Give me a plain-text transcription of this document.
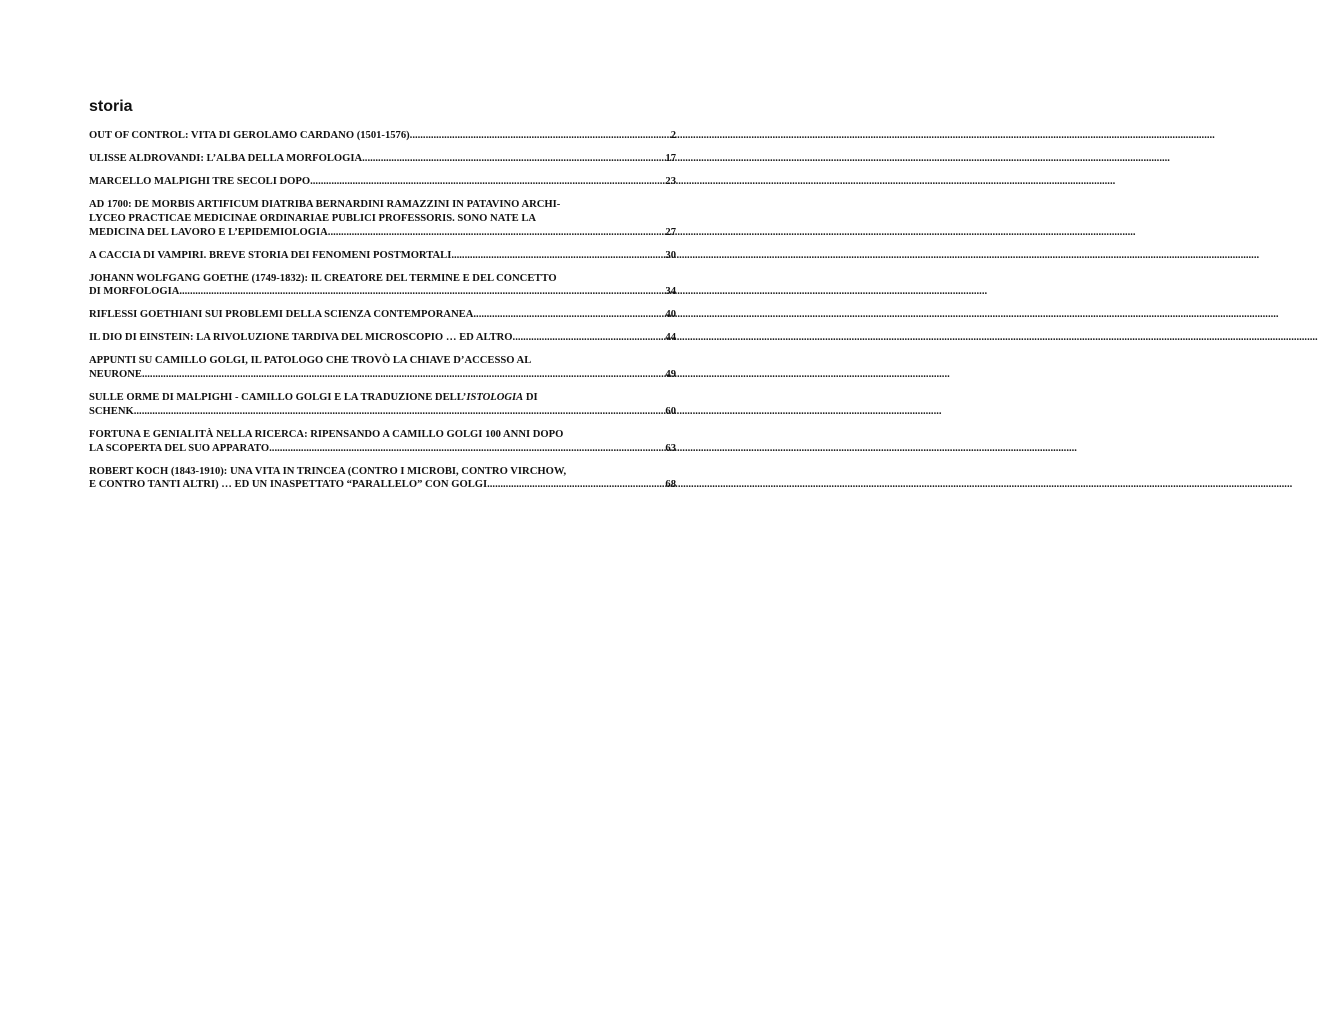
storia
OUT OF CONTROL: VITA DI GEROLAMO CARDANO (1501-1576) .....	2
ULISSE ALDROVANDI: L’ALBA DELLA MORFOLOGIA. .....	17
MARCELLO MALPIGHI TRE SECOLI DOPO .....	23
AD 1700: DE MORBIS ARTIFICUM DIATRIBA BERNARDINI RAMAZZINI IN PATAVINO ARCHI-
LYCEO PRACTICAE MEDICINAE ORDINARIAE PUBLICI PROFESSORIS. SONO NATE LA
MEDICINA DEL LAVORO E L’EPIDEMIOLOGIA. .....	27
A CACCIA DI VAMPIRI. BREVE STORIA DEI FENOMENI POSTMORTALI. .....	30
JOHANN WOLFGANG GOETHE (1749-1832): IL CREATORE DEL TERMINE E DEL CONCETTO
DI MORFOLOGIA. .....	34
RIFLESSI GOETHIANI SUI PROBLEMI DELLA SCIENZA CONTEMPORANEA .....	40
IL DIO DI EINSTEIN: LA RIVOLUZIONE TARDIVA DEL MICROSCOPIO … ED ALTRO .....	44
APPUNTI SU CAMILLO GOLGI, IL PATOLOGO CHE TROVÒ LA CHIAVE D’ACCESSO AL
NEURONE. .....	49
SULLE ORME DI MALPIGHI - CAMILLO GOLGI E LA TRADUZIONE DELL’ISTOLOGIA DI
SCHENK. .....	60
FORTUNA E GENIALITÀ NELLA RICERCA: RIPENSANDO A CAMILLO GOLGI 100 ANNI DOPO
LA SCOPERTA DEL SUO APPARATO. .....	63
ROBERT KOCH (1843-1910): UNA VITA IN TRINCEA (CONTRO I MICROBI, CONTRO VIRCHOW,
E CONTRO TANTI ALTRI) … ED UN INASPETTATO “PARALLELO” CON GOLGI .....	68
